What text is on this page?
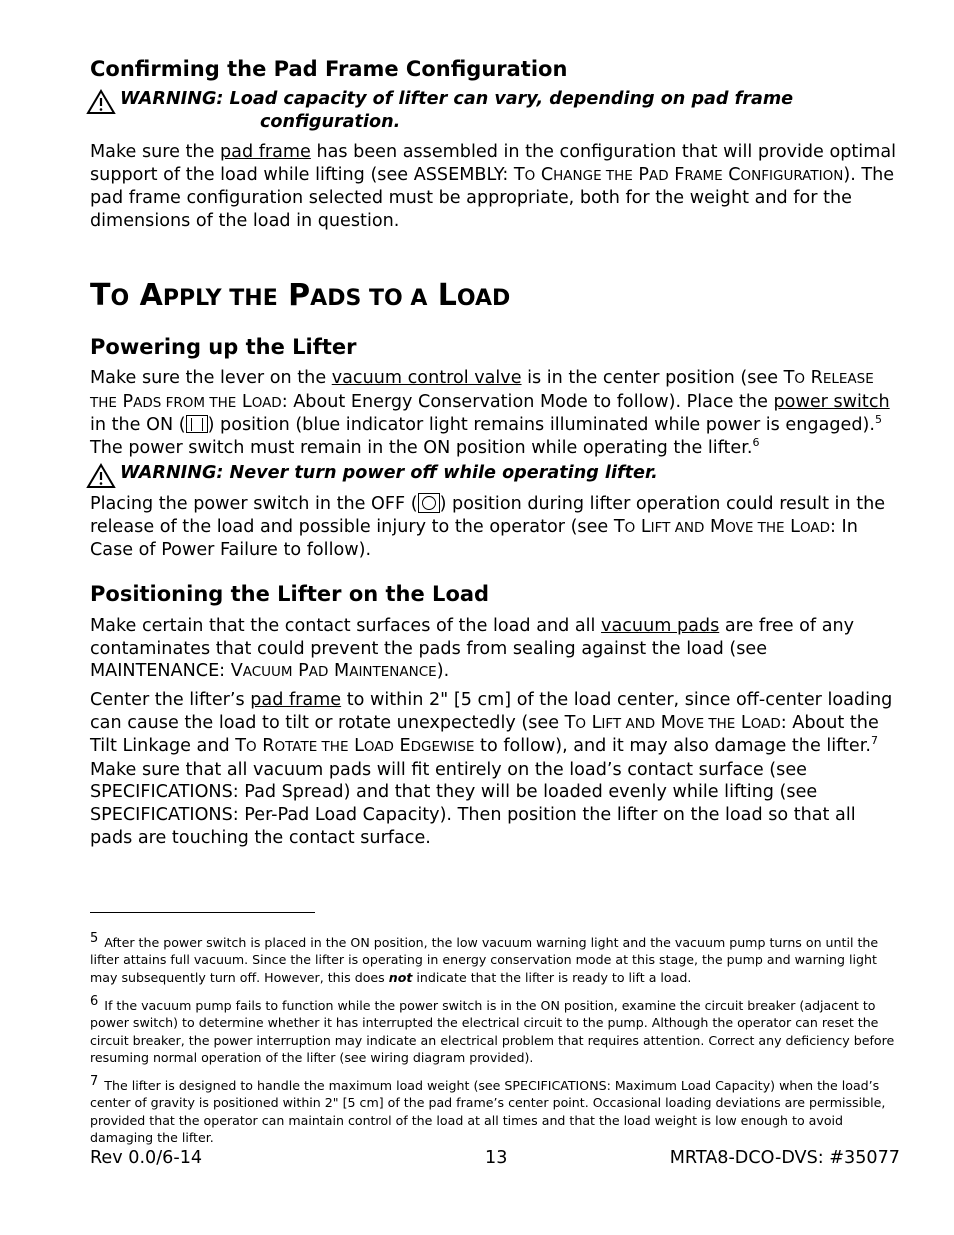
Confirming the Pad Frame Configuration
WARNING: Load capacity of lifter can vary, depending on pad frame
configuration.

Make sure the pad frame has been assembled in the configuration that will provide optimal support of the load while lifting (see ASSEMBLY: TO CHANGE THE PAD FRAME CONFIGURATION). The pad frame configuration selected must be appropriate, both for the weight and for the dimensions of the load in question.

TO APPLY THE PADS TO A LOAD
Powering up the Lifter

Make sure the lever on the vacuum control valve is in the center position (see TO RELEASE THE PADS FROM THE LOAD: About Energy Conservation Mode to follow). Place the power switch in the ON ( ) position (blue indicator light remains illuminated while power is engaged).$^5$ The power switch must remain in the ON position while operating the lifter.$^6$

WARNING: Never turn power off while operating lifter.

Placing the power switch in the OFF ( ) position during lifter operation could result in the release of the load and possible injury to the operator (see TO LIFT AND MOVE THE LOAD: In Case of Power Failure to follow).

Positioning the Lifter on the Load

Make certain that the contact surfaces of the load and all vacuum pads are free of any contaminates that could prevent the pads from sealing against the load (see MAINTENANCE: VACUUM PAD MAINTENANCE).

Center the lifter’s pad frame to within 2" [5 cm] of the load center, since off-center loading can cause the load to tilt or rotate unexpectedly (see TO LIFT AND MOVE THE LOAD: About the Tilt Linkage and TO ROTATE THE LOAD EDGEWISE to follow), and it may also damage the lifter.$^7$ Make sure that all vacuum pads will fit entirely on the load’s contact surface (see SPECIFICATIONS: Pad Spread) and that they will be loaded evenly while lifting (see SPECIFICATIONS: Per-Pad Load Capacity). Then position the lifter on the load so that all pads are touching the contact surface.

5 After the power switch is placed in the ON position, the low vacuum warning light and the vacuum pump turns on until the lifter attains full vacuum. Since the lifter is operating in energy conservation mode at this stage, the pump and warning light may subsequently turn off. However, this does not indicate that the lifter is ready to lift a load.
6 If the vacuum pump fails to function while the power switch is in the ON position, examine the circuit breaker (adjacent to power switch) to determine whether it has interrupted the electrical circuit to the pump. Although the operator can reset the circuit breaker, the power interruption may indicate an electrical problem that requires attention. Correct any deficiency before resuming normal operation of the lifter (see wiring diagram provided).
7 The lifter is designed to handle the maximum load weight (see SPECIFICATIONS: Maximum Load Capacity) when the load’s center of gravity is positioned within 2" [5 cm] of the pad frame’s center point. Occasional loading deviations are permissible, provided that the operator can maintain control of the load at all times and that the load weight is low enough to avoid damaging the lifter.
Rev 0.0/6-14	13	MRTA8-DCO-DVS: #35077
